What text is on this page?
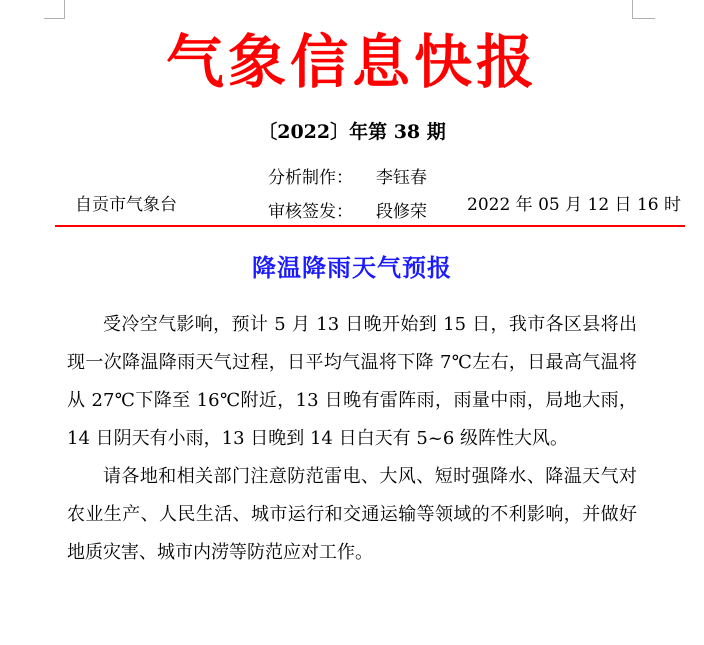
气象信息快报
〔2022〕年第 38 期
自贡市气象台
分析制作： 李钰春
审核签发： 段修荣 2022 年 05 月 12 日 16 时
降温降雨天气预报

受冷空气影响，预计 5 月 13 日晚开始到 15 日，我市各区县将出现一次降温降雨天气过程，日平均气温将下降 7℃左右，日最高气温将从 27℃下降至 16℃附近，13 日晚有雷阵雨，雨量中雨，局地大雨，14 日阴天有小雨，13 日晚到 14 日白天有 5~6 级阵性大风。

请各地和相关部门注意防范雷电、大风、短时强降水、降温天气对农业生产、人民生活、城市运行和交通运输等领域的不利影响，并做好地质灾害、城市内涝等防范应对工作。
